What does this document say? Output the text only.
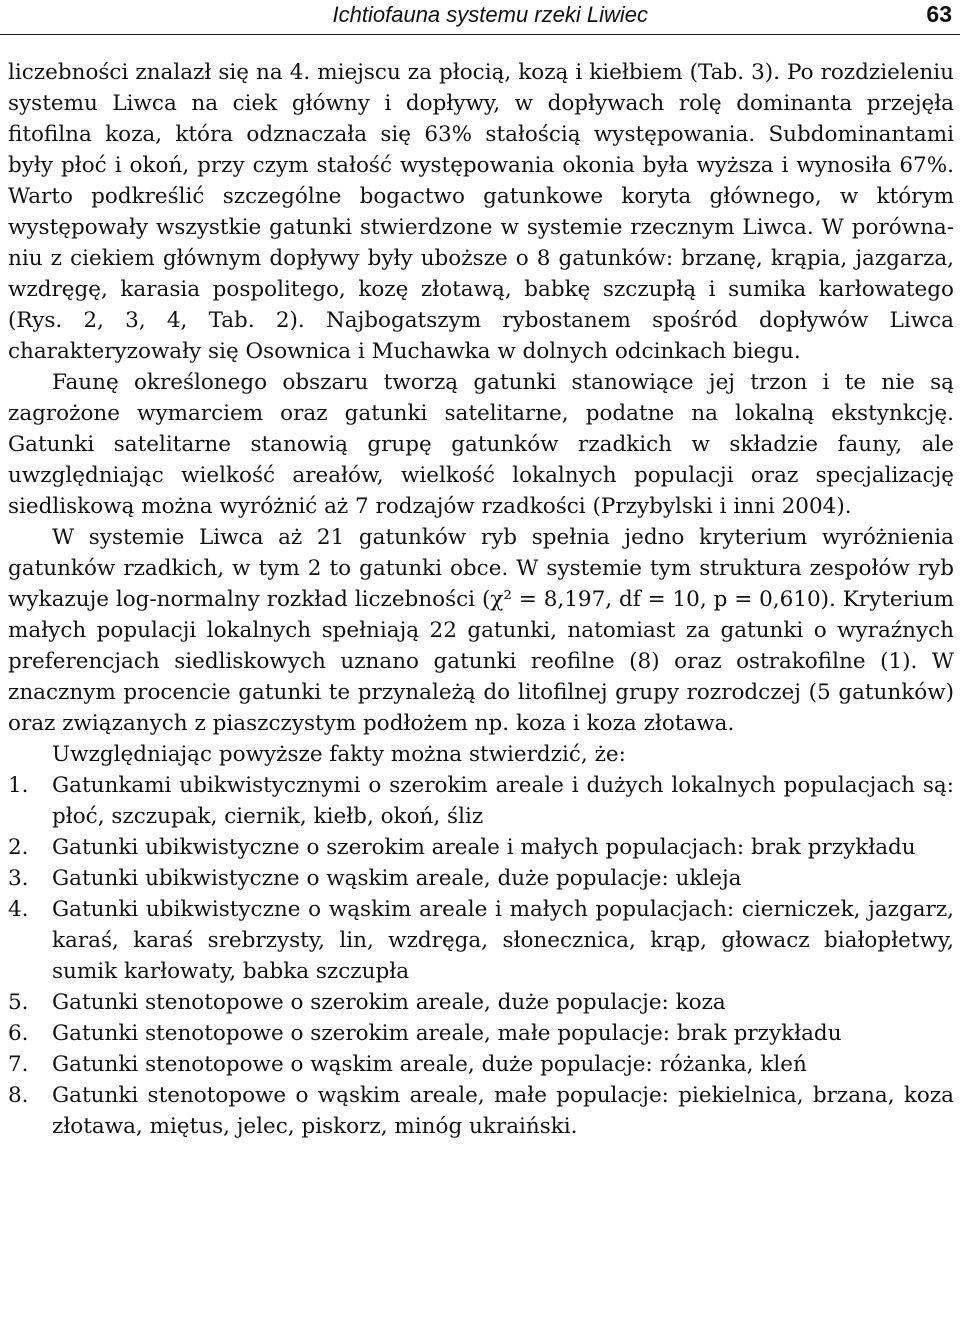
Ichtiofauna systemu rzeki Liwiec	63

liczebności znalazł się na 4. miejscu za płocią, kozą i kiełbiem (Tab. 3). Po rozdzieleniu systemu Liwca na ciek główny i dopływy, w dopływach rolę dominanta przejęła fitofilna koza, która odznaczała się 63% stałością występowania. Subdominantami były płoć i okoń, przy czym stałość występowania okonia była wyższa i wynosiła 67%. Warto podkreślić szczególne bogactwo gatunkowe koryta głównego, w którym występowały wszystkie gatunki stwierdzone w systemie rzecznym Liwca. W porównaniu z ciekiem głównym dopływy były uboższe o 8 gatunków: brzanę, krąpia, jazgarza, wzdręgę, karasia pospolitego, kozę złotawą, babkę szczupłą i sumika karłowatego (Rys. 2, 3, 4, Tab. 2). Najbogatszym rybostanem spośród dopływów Liwca charakteryzowały się Osownica i Muchawka w dolnych odcinkach biegu.

Faunę określonego obszaru tworzą gatunki stanowiące jej trzon i te nie są zagrożone wymarciem oraz gatunki satelitarne, podatne na lokalną ekstynkcję. Gatunki satelitarne stanowią grupę gatunków rzadkich w składzie fauny, ale uwzględniając wielkość areałów, wielkość lokalnych populacji oraz specjalizację siedliskową można wyróżnić aż 7 rodzajów rzadkości (Przybylski i inni 2004).

W systemie Liwca aż 21 gatunków ryb spełnia jedno kryterium wyróżnienia gatunków rzadkich, w tym 2 to gatunki obce. W systemie tym struktura zespołów ryb wykazuje log-normalny rozkład liczebności (χ² = 8,197, df = 10, p = 0,610). Kryterium małych populacji lokalnych spełniają 22 gatunki, natomiast za gatunki o wyraźnych preferencjach siedliskowych uznano gatunki reofilne (8) oraz ostrakofilne (1). W znacznym procencie gatunki te przynależą do litofilnej grupy rozrodczej (5 gatunków) oraz związanych z piaszczystym podłożem np. koza i koza złotawa.

Uwzględniając powyższe fakty można stwierdzić, że:

1.	Gatunkami ubikwistycznymi o szerokim areale i dużych lokalnych populacjach są: płoć, szczupak, ciernik, kiełb, okoń, śliz
2.	Gatunki ubikwistyczne o szerokim areale i małych populacjach: brak przykładu
3.	Gatunki ubikwistyczne o wąskim areale, duże populacje: ukleja
4.	Gatunki ubikwistyczne o wąskim areale i małych populacjach: cierniczek, jazgarz, karaś, karaś srebrzysty, lin, wzdręga, słonecznica, krąp, głowacz białopłetwy, sumik karłowaty, babka szczupła
5.	Gatunki stenotopowe o szerokim areale, duże populacje: koza
6.	Gatunki stenotopowe o szerokim areale, małe populacje: brak przykładu
7.	Gatunki stenotopowe o wąskim areale, duże populacje: różanka, kleń
8.	Gatunki stenotopowe o wąskim areale, małe populacje: piekielnica, brzana, koza złotawa, miętus, jelec, piskorz, minóg ukraiński.
